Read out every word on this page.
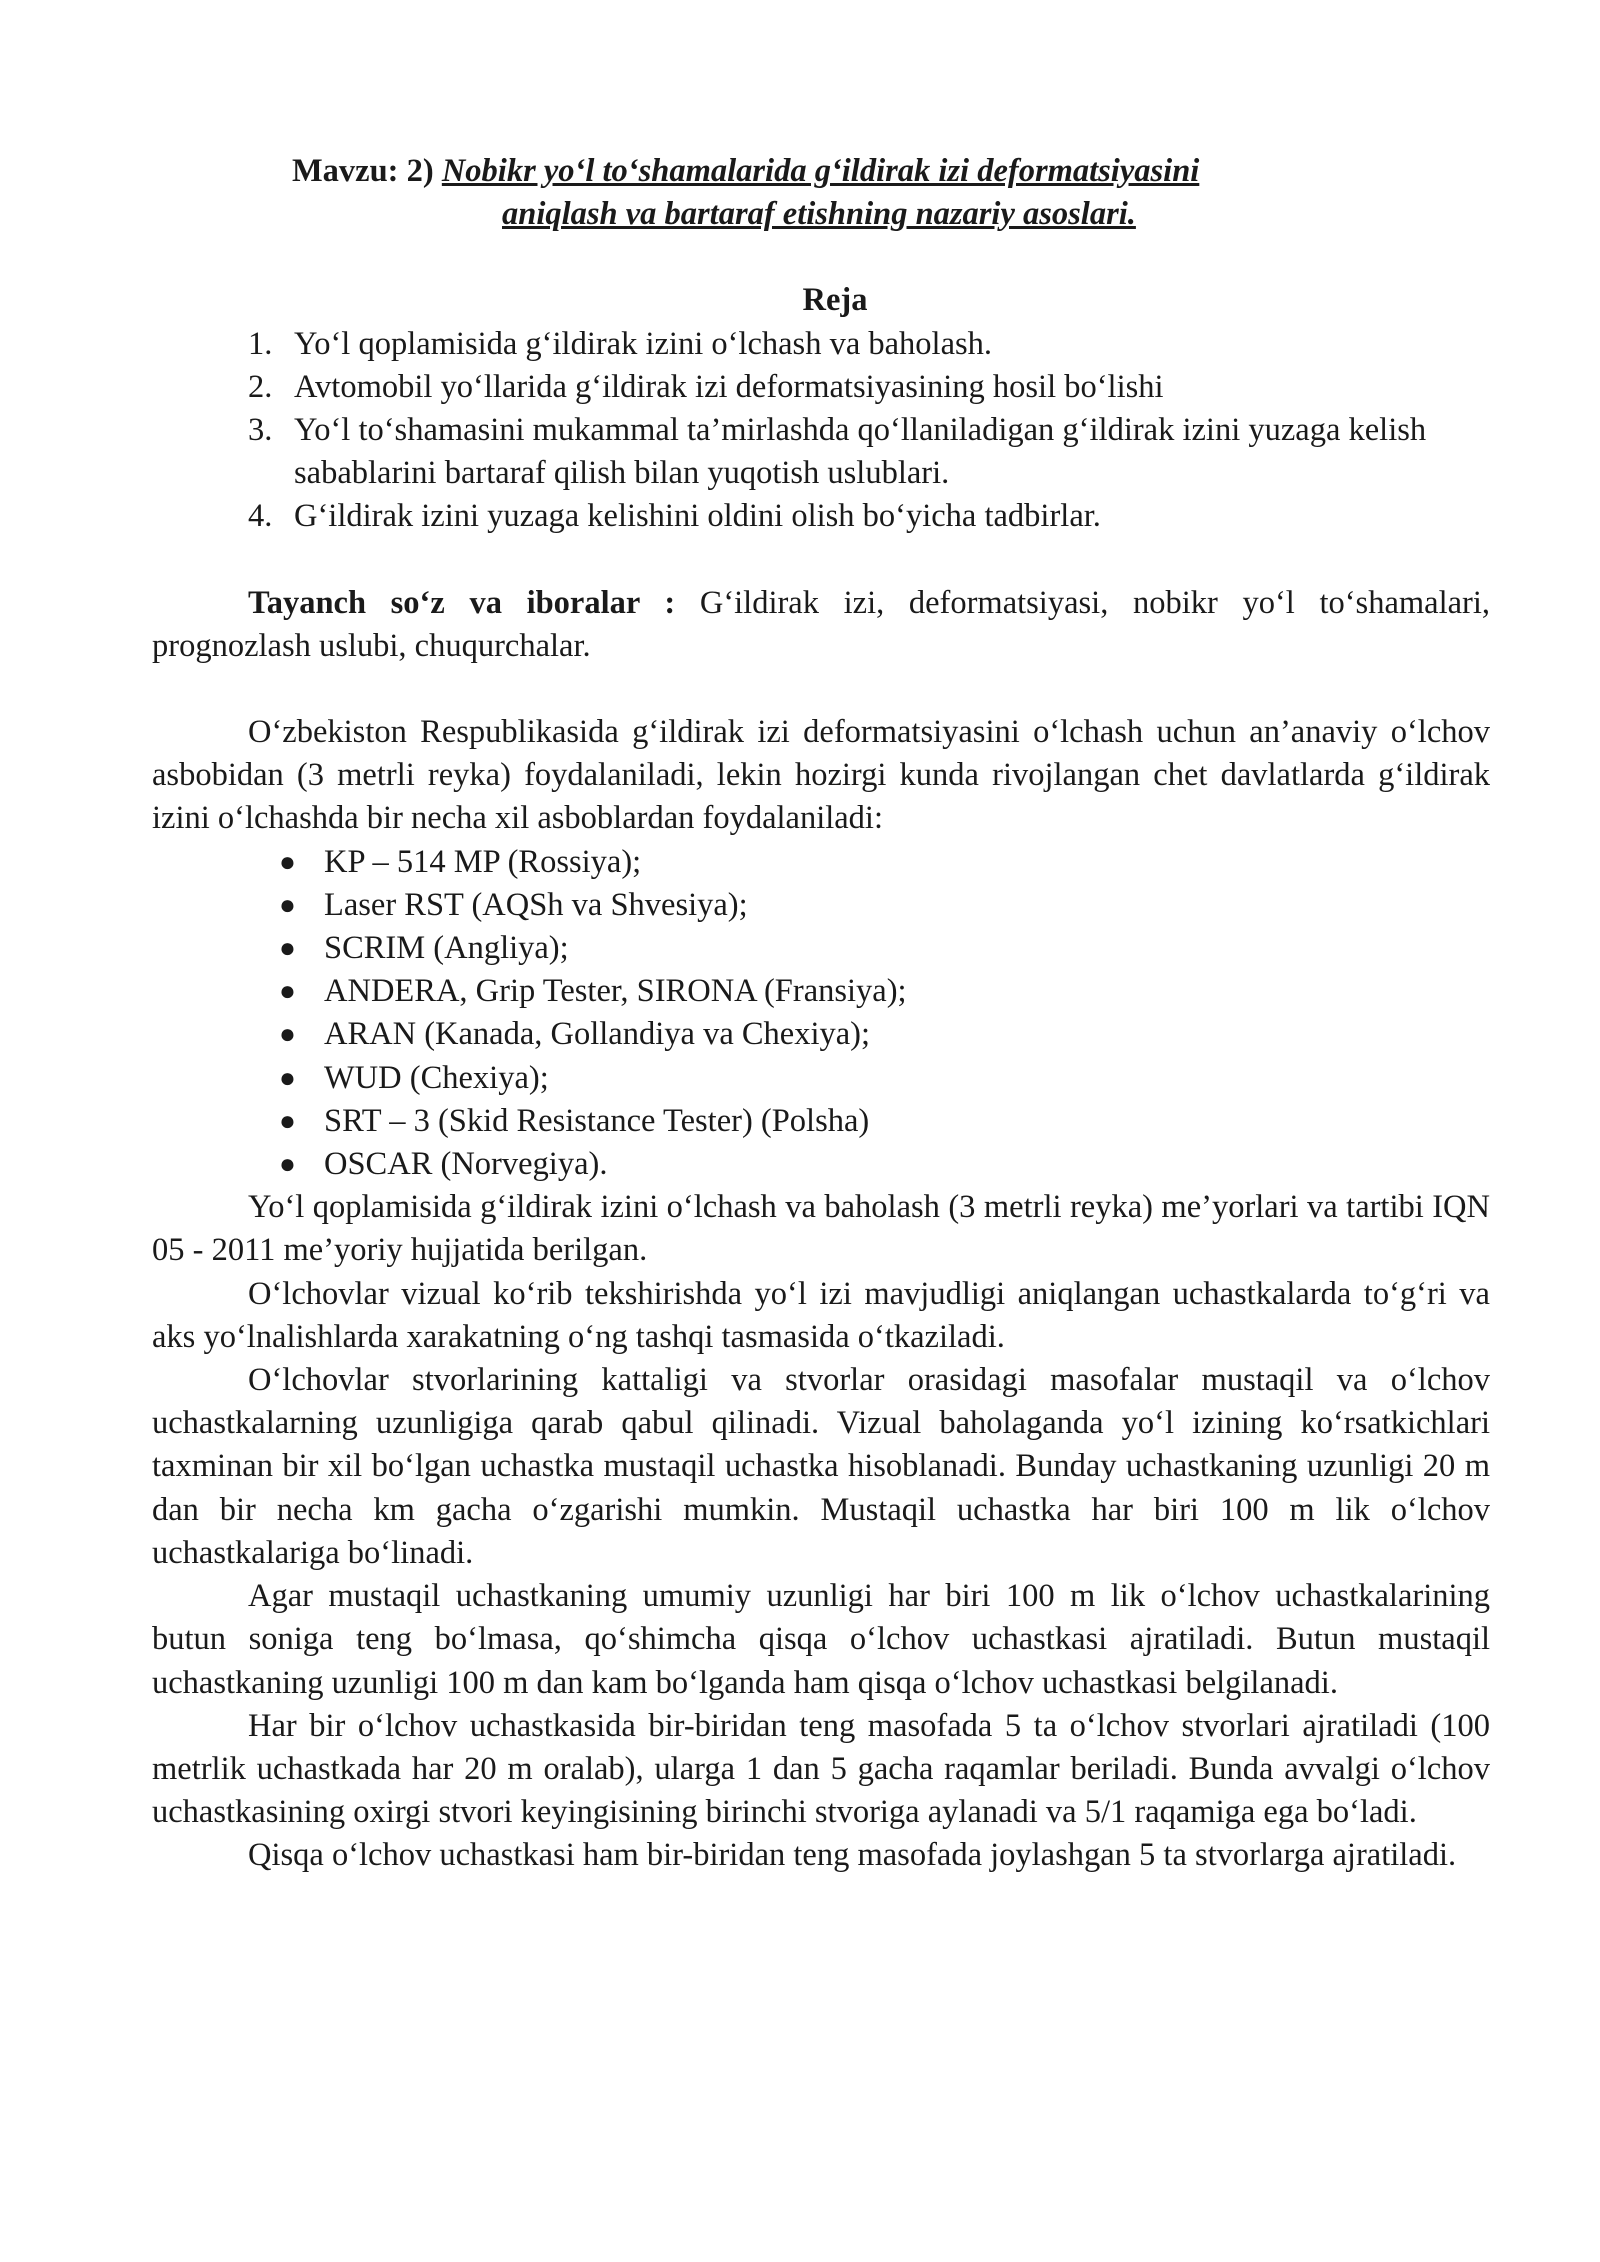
Mavzu: 2) Nobikr yo‘l to‘shamalarida g‘ildirak izi deformatsiyasini
aniqlash va bartaraf etishning nazariy asoslari.
Reja
1. Yo‘l qoplamisida g‘ildirak izini o‘lchash va baholash.
2. Avtomobil yo‘llarida g‘ildirak izi deformatsiyasining hosil bo‘lishi
3. Yo‘l to‘shamasini mukammal ta’mirlashda qo‘llaniladigan g‘ildirak izini yuzaga kelish sabablarini bartaraf qilish bilan yuqotish uslublari.
4. G‘ildirak izini yuzaga kelishini oldini olish bo‘yicha tadbirlar.

Tayanch so‘z va iboralar : G‘ildirak izi, deformatsiyasi, nobikr yo‘l to‘shamalari, prognozlash uslubi, chuqurchalar.

O‘zbekiston Respublikasida g‘ildirak izi deformatsiyasini o‘lchash uchun an’anaviy o‘lchov asbobidan (3 metrli reyka) foydalaniladi, lekin hozirgi kunda rivojlangan chet davlatlarda g‘ildirak izini o‘lchashda bir necha xil asboblardan foydalaniladi:

● KP – 514 MP (Rossiya);
● Laser RST (AQSh va Shvesiya);
● SCRIM (Angliya);
● ANDERA, Grip Tester, SIRONA (Fransiya);
● ARAN (Kanada, Gollandiya va Chexiya);
● WUD (Chexiya);
● SRT – 3 (Skid Resistance Tester) (Polsha)
● OSCAR (Norvegiya).

Yo‘l qoplamisida g‘ildirak izini o‘lchash va baholash (3 metrli reyka) me’yorlari va tartibi IQN 05 - 2011 me’yoriy hujjatida berilgan.

O‘lchovlar vizual ko‘rib tekshirishda yo‘l izi mavjudligi aniqlangan uchastkalarda to‘g‘ri va aks yo‘lnalishlarda xarakatning o‘ng tashqi tasmasida o‘tkaziladi.

O‘lchovlar stvorlarining kattaligi va stvorlar orasidagi masofalar mustaqil va o‘lchov uchastkalarning uzunligiga qarab qabul qilinadi. Vizual baholaganda yo‘l izining ko‘rsatkichlari taxminan bir xil bo‘lgan uchastka mustaqil uchastka hisoblanadi. Bunday uchastkaning uzunligi 20 m dan bir necha km gacha o‘zgarishi mumkin. Mustaqil uchastka har biri 100 m lik o‘lchov uchastkalariga bo‘linadi.

Agar mustaqil uchastkaning umumiy uzunligi har biri 100 m lik o‘lchov uchastkalarining butun soniga teng bo‘lmasa, qo‘shimcha qisqa o‘lchov uchastkasi ajratiladi. Butun mustaqil uchastkaning uzunligi 100 m dan kam bo‘lganda ham qisqa o‘lchov uchastkasi belgilanadi.

Har bir o‘lchov uchastkasida bir-biridan teng masofada 5 ta o‘lchov stvorlari ajratiladi (100 metrlik uchastkada har 20 m oralab), ularga 1 dan 5 gacha raqamlar beriladi. Bunda avvalgi o‘lchov uchastkasining oxirgi stvori keyingisining birinchi stvoriga aylanadi va 5/1 raqamiga ega bo‘ladi.

Qisqa o‘lchov uchastkasi ham bir-biridan teng masofada joylashgan 5 ta stvorlarga ajratiladi.
